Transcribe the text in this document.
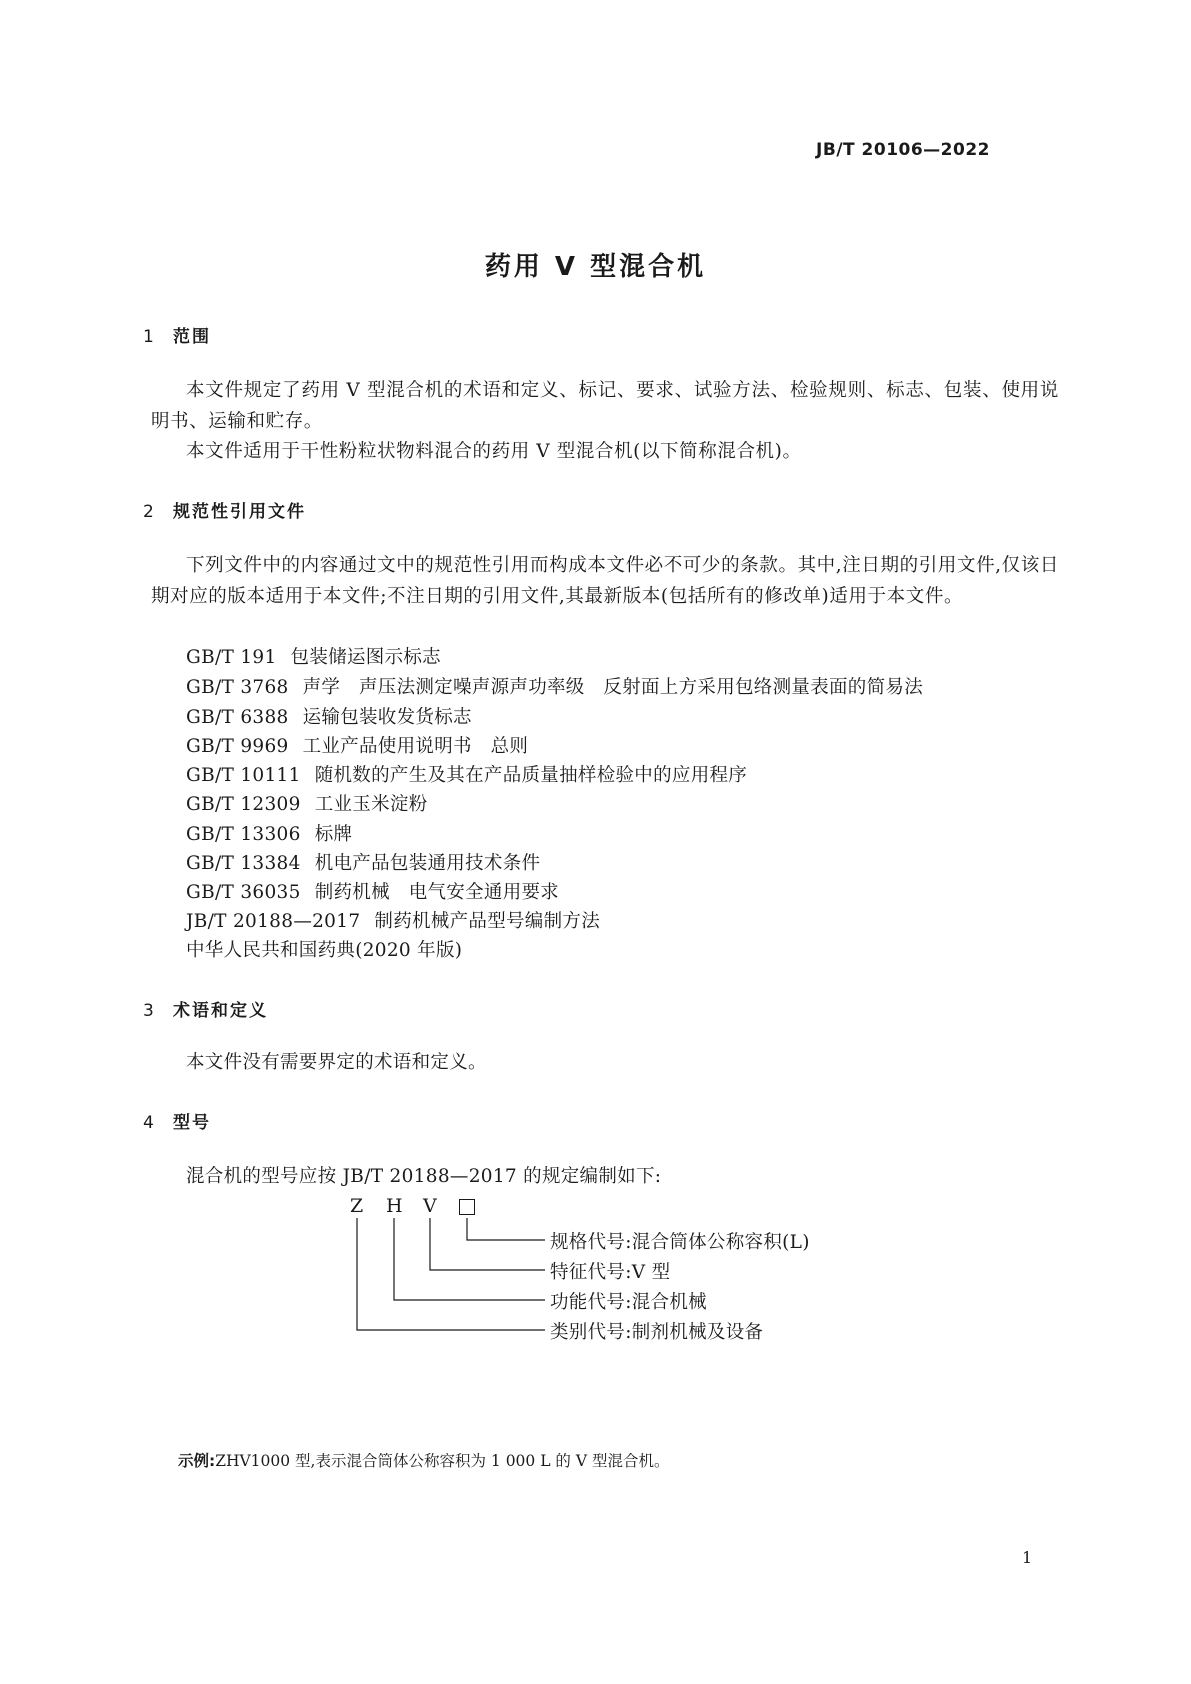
JB/T 20106—2022
药用 V 型混合机
1 范围
本文件规定了药用 V 型混合机的术语和定义、标记、要求、试验方法、检验规则、标志、包装、使用说明书、运输和贮存。
本文件适用于干性粉粒状物料混合的药用 V 型混合机(以下简称混合机)。
2 规范性引用文件
下列文件中的内容通过文中的规范性引用而构成本文件必不可少的条款。其中,注日期的引用文件,仅该日期对应的版本适用于本文件;不注日期的引用文件,其最新版本(包括所有的修改单)适用于本文件。
GB/T 191 包装储运图示标志
GB/T 3768 声学　声压法测定噪声源声功率级　反射面上方采用包络测量表面的简易法
GB/T 6388 运输包装收发货标志
GB/T 9969 工业产品使用说明书　总则
GB/T 10111 随机数的产生及其在产品质量抽样检验中的应用程序
GB/T 12309 工业玉米淀粉
GB/T 13306 标牌
GB/T 13384 机电产品包装通用技术条件
GB/T 36035 制药机械　电气安全通用要求
JB/T 20188—2017 制药机械产品型号编制方法
中华人民共和国药典(2020 年版)
3 术语和定义
本文件没有需要界定的术语和定义。
4 型号
混合机的型号应按 JB/T 20188—2017 的规定编制如下:
Z H V
规格代号:混合筒体公称容积(L)
特征代号:V 型
功能代号:混合机械
类别代号:制剂机械及设备
示例:ZHV1000 型,表示混合筒体公称容积为 1 000 L 的 V 型混合机。
1
